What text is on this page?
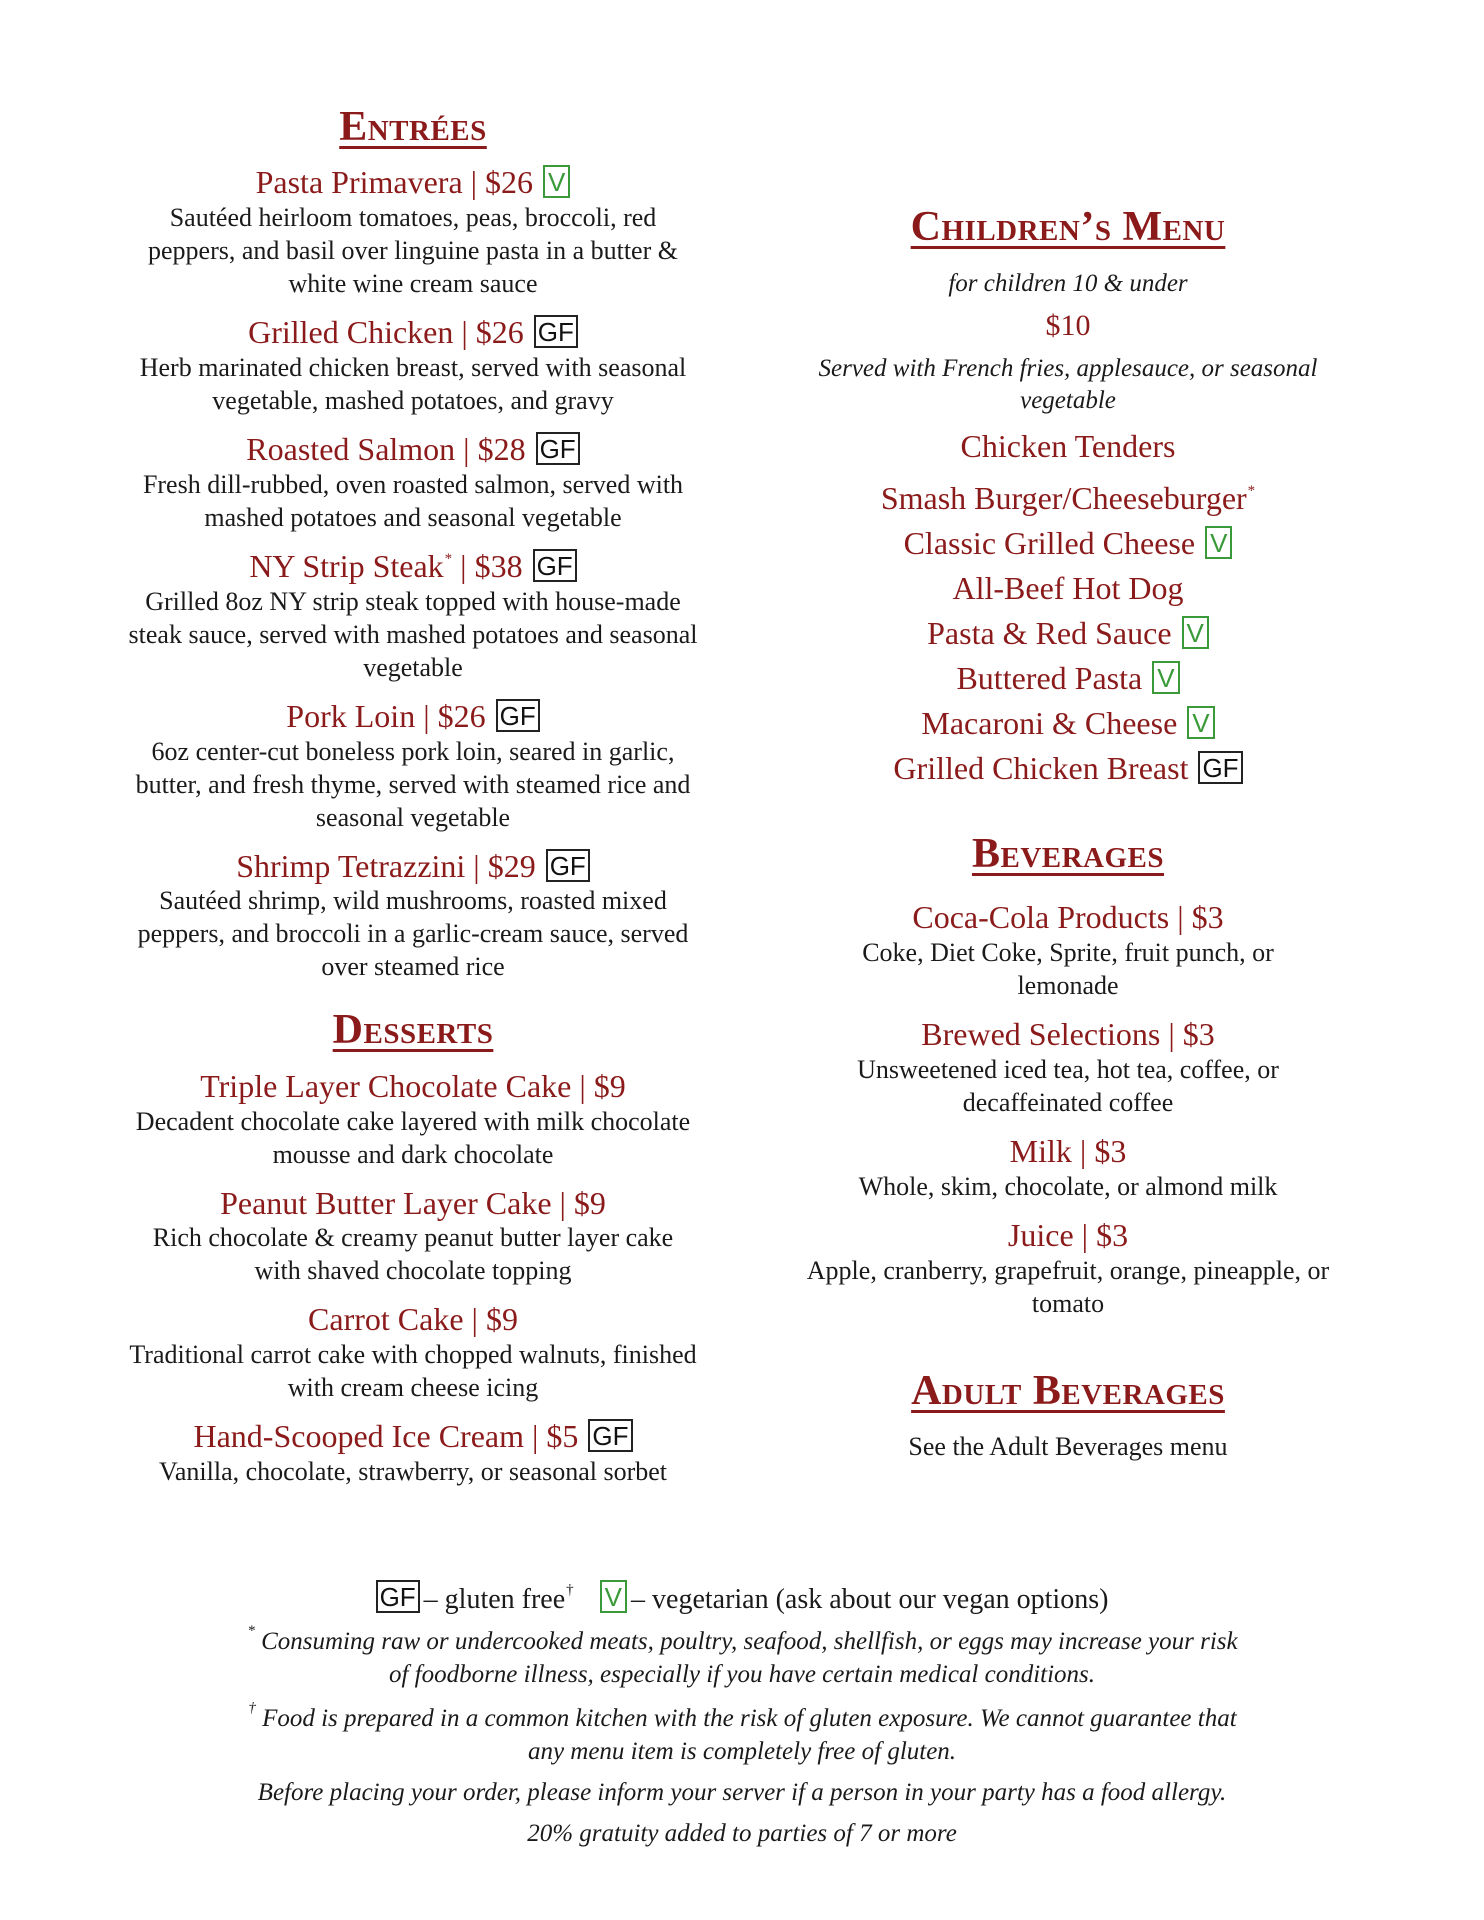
Entrées
Pasta Primavera | $26 V
Sautéed heirloom tomatoes, peas, broccoli, red peppers, and basil over linguine pasta in a butter & white wine cream sauce
Grilled Chicken | $26 GF
Herb marinated chicken breast, served with seasonal vegetable, mashed potatoes, and gravy
Roasted Salmon | $28 GF
Fresh dill-rubbed, oven roasted salmon, served with mashed potatoes and seasonal vegetable
NY Strip Steak* | $38 GF
Grilled 8oz NY strip steak topped with house-made steak sauce, served with mashed potatoes and seasonal vegetable
Pork Loin | $26 GF
6oz center-cut boneless pork loin, seared in garlic, butter, and fresh thyme, served with steamed rice and seasonal vegetable
Shrimp Tetrazzini | $29 GF
Sautéed shrimp, wild mushrooms, roasted mixed peppers, and broccoli in a garlic-cream sauce, served over steamed rice
Desserts
Triple Layer Chocolate Cake | $9
Decadent chocolate cake layered with milk chocolate mousse and dark chocolate
Peanut Butter Layer Cake | $9
Rich chocolate & creamy peanut butter layer cake with shaved chocolate topping
Carrot Cake | $9
Traditional carrot cake with chopped walnuts, finished with cream cheese icing
Hand-Scooped Ice Cream | $5 GF
Vanilla, chocolate, strawberry, or seasonal sorbet
Children’s Menu
for children 10 & under
$10
Served with French fries, applesauce, or seasonal vegetable
Chicken Tenders
Smash Burger/Cheeseburger*
Classic Grilled Cheese V
All-Beef Hot Dog
Pasta & Red Sauce V
Buttered Pasta V
Macaroni & Cheese V
Grilled Chicken Breast GF
Beverages
Coca-Cola Products | $3
Coke, Diet Coke, Sprite, fruit punch, or lemonade
Brewed Selections | $3
Unsweetened iced tea, hot tea, coffee, or decaffeinated coffee
Milk | $3
Whole, skim, chocolate, or almond milk
Juice | $3
Apple, cranberry, grapefruit, orange, pineapple, or tomato
Adult Beverages
See the Adult Beverages menu
GF – gluten free† V – vegetarian (ask about our vegan options)
* Consuming raw or undercooked meats, poultry, seafood, shellfish, or eggs may increase your risk of foodborne illness, especially if you have certain medical conditions.
† Food is prepared in a common kitchen with the risk of gluten exposure. We cannot guarantee that any menu item is completely free of gluten.
Before placing your order, please inform your server if a person in your party has a food allergy.
20% gratuity added to parties of 7 or more
